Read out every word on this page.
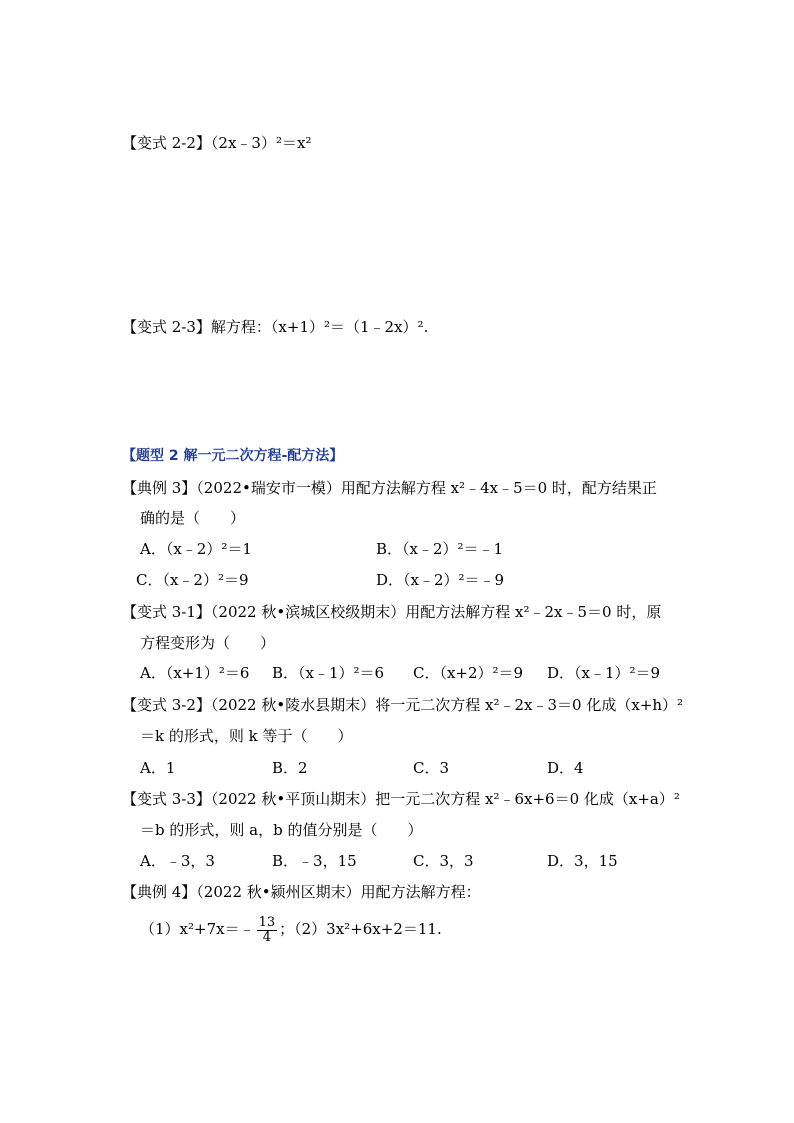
【变式 2-2】（2x﹣3）²＝x²
【变式 2-3】解方程：（x+1）²＝（1﹣2x）².
【题型 2 解一元二次方程-配方法】
【典例 3】（2022•瑞安市一模）用配方法解方程 x²﹣4x﹣5＝0 时，配方结果正
确的是（　　）
A．（x﹣2）²＝1	B．（x﹣2）²＝﹣1
C．（x﹣2）²＝9	D．（x﹣2）²＝﹣9
【变式 3-1】（2022 秋•滨城区校级期末）用配方法解方程 x²﹣2x﹣5＝0 时，原
方程变形为（　　）
A．（x+1）²＝6 B．（x﹣1）²＝6 C．（x+2）²＝9 D．（x﹣1）²＝9
【变式 3-2】（2022 秋•陵水县期末）将一元二次方程 x²﹣2x﹣3＝0 化成（x+h）²
＝k 的形式，则 k 等于（　　）
A．1	B．2	C．3	D．4
【变式 3-3】（2022 秋•平顶山期末）把一元二次方程 x²﹣6x+6＝0 化成（x+a）²
＝b 的形式，则 a，b 的值分别是（　　）
A．﹣3，3	B．﹣3，15	C．3，3	D．3，15
【典例 4】（2022 秋•颍州区期末）用配方法解方程：
（1）x²+7x＝﹣ $\frac{13}{4}$ ；（2）3x²+6x+2＝11.
